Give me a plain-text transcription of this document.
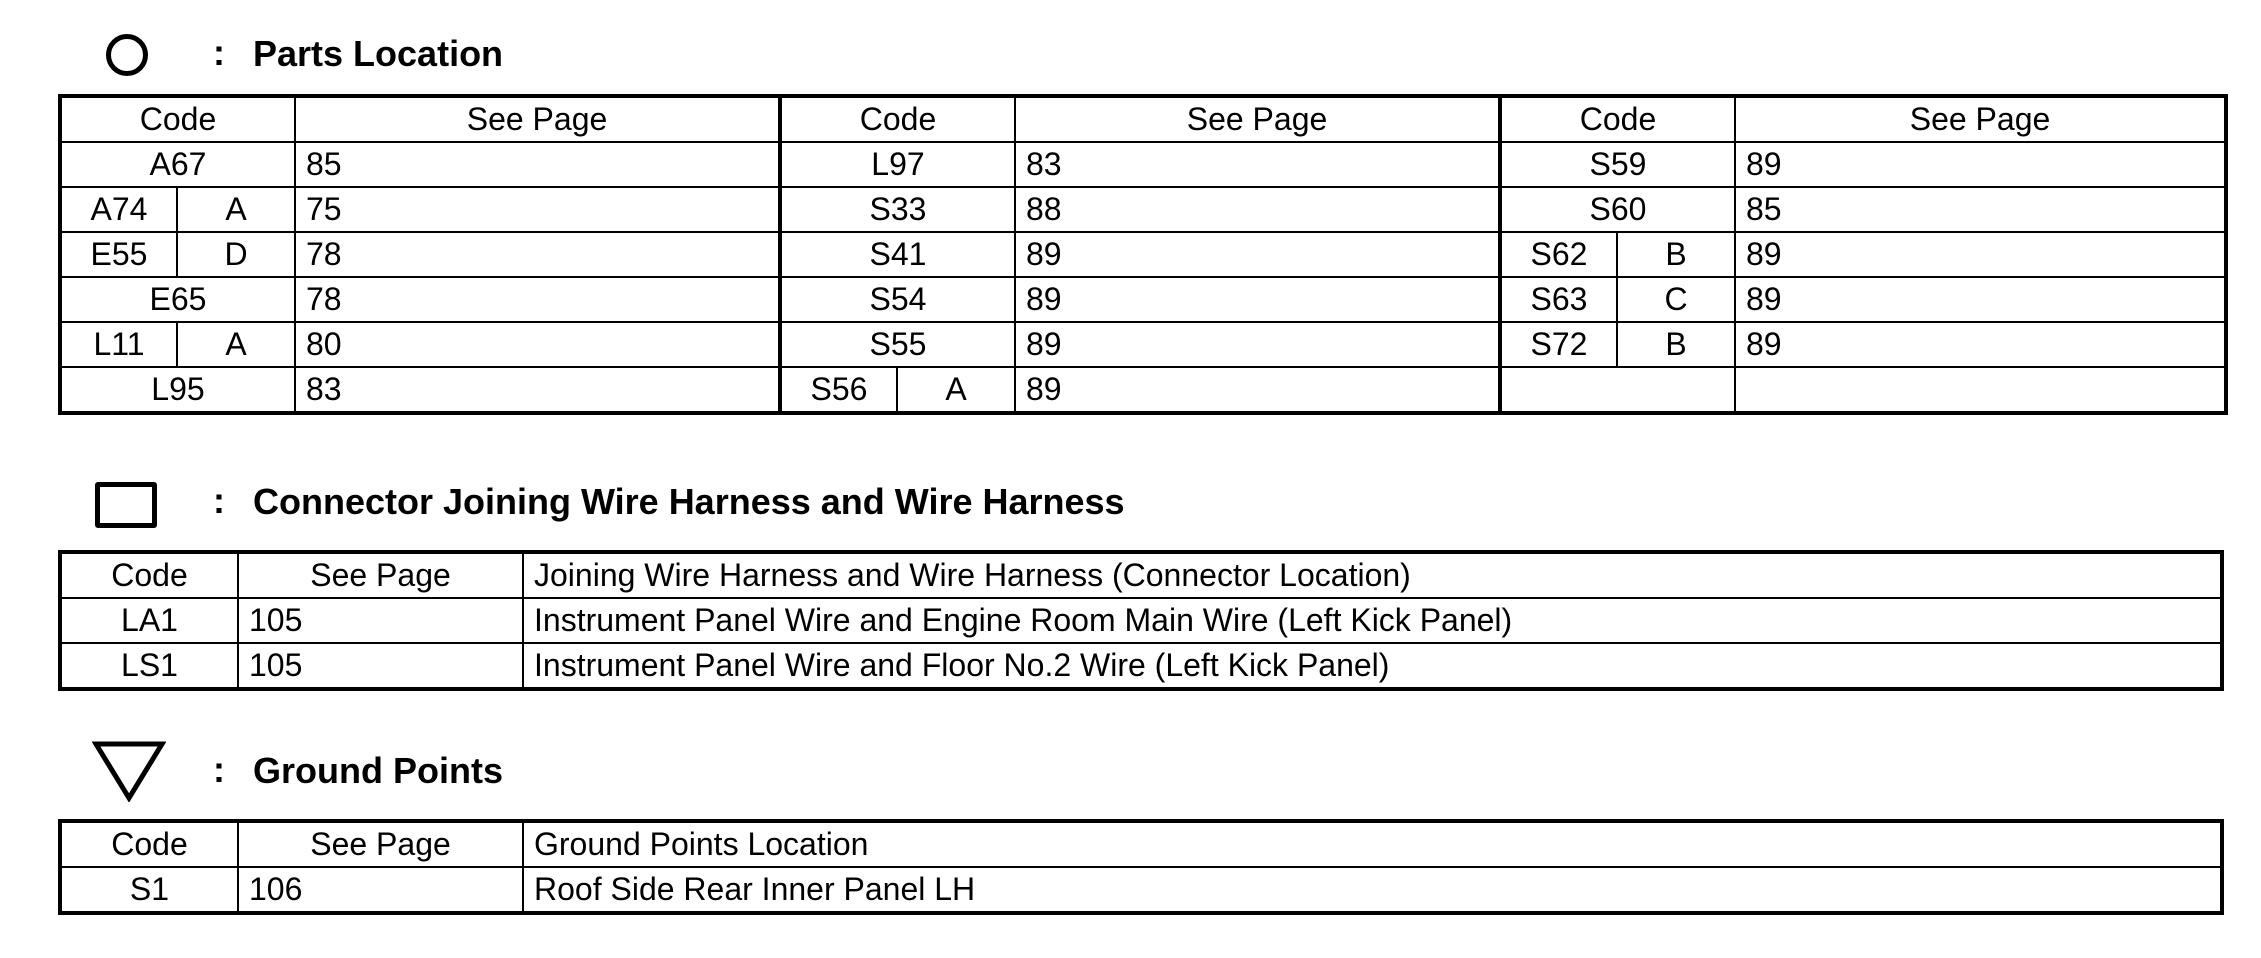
: Parts Location
Code		See Page	Code		See Page	Code		See Page
A67		85	L97		83	S59		89
A74	A	75	S33		88	S60		85
E55	D	78	S41		89	S62	B	89
E65		78	S54		89	S63	C	89
L11	A	80	S55		89	S72	B	89
L95		83	S56	A	89			
: Connector Joining Wire Harness and Wire Harness
Code	See Page	Joining Wire Harness and Wire Harness (Connector Location)
LA1	105	Instrument Panel Wire and Engine Room Main Wire (Left Kick Panel)
LS1	105	Instrument Panel Wire and Floor No.2 Wire (Left Kick Panel)
: Ground Points
Code	See Page	Ground Points Location
S1	106	Roof Side Rear Inner Panel LH
